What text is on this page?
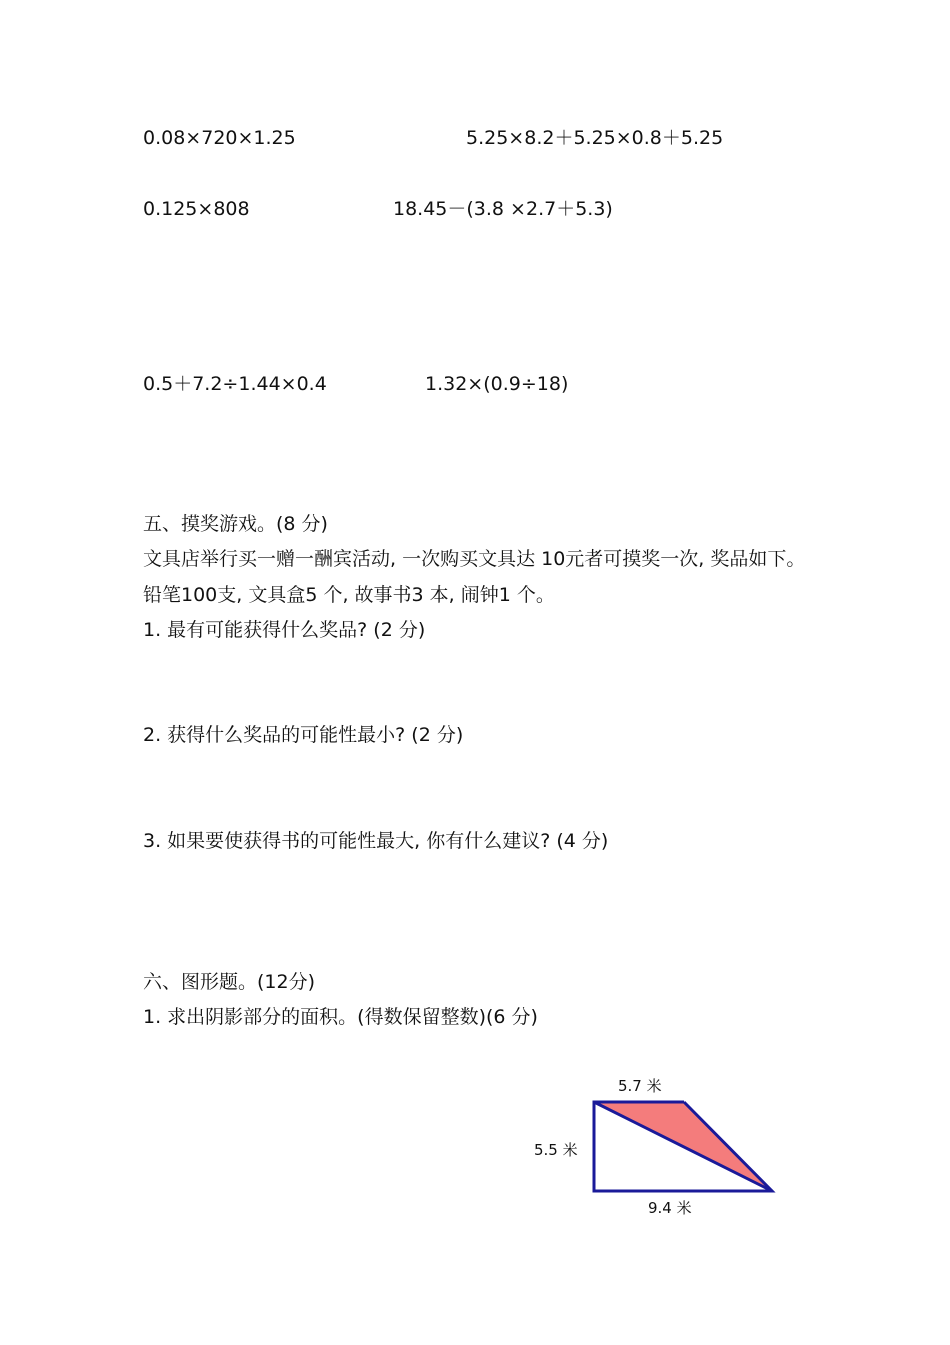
0.08×720×1.25	5.25×8.2＋5.25×0.8＋5.25
0.125×808	18.45－(3.8 ×2.7＋5.3)
0.5＋7.2÷1.44×0.4	1.32×(0.9÷18)
五、摸奖游戏。(8 分)
文具店举行买一赠一酬宾活动, 一次购买文具达 10元者可摸奖一次, 奖品如下。
铅笔100支, 文具盒5 个, 故事书3 本, 闹钟1 个。
1. 最有可能获得什么奖品? (2 分)
2. 获得什么奖品的可能性最小? (2 分)
3. 如果要使获得书的可能性最大, 你有什么建议? (4 分)
六、图形题。(12分)
1. 求出阴影部分的面积。(得数保留整数)(6 分)
5.7 米
5.5 米
9.4 米
